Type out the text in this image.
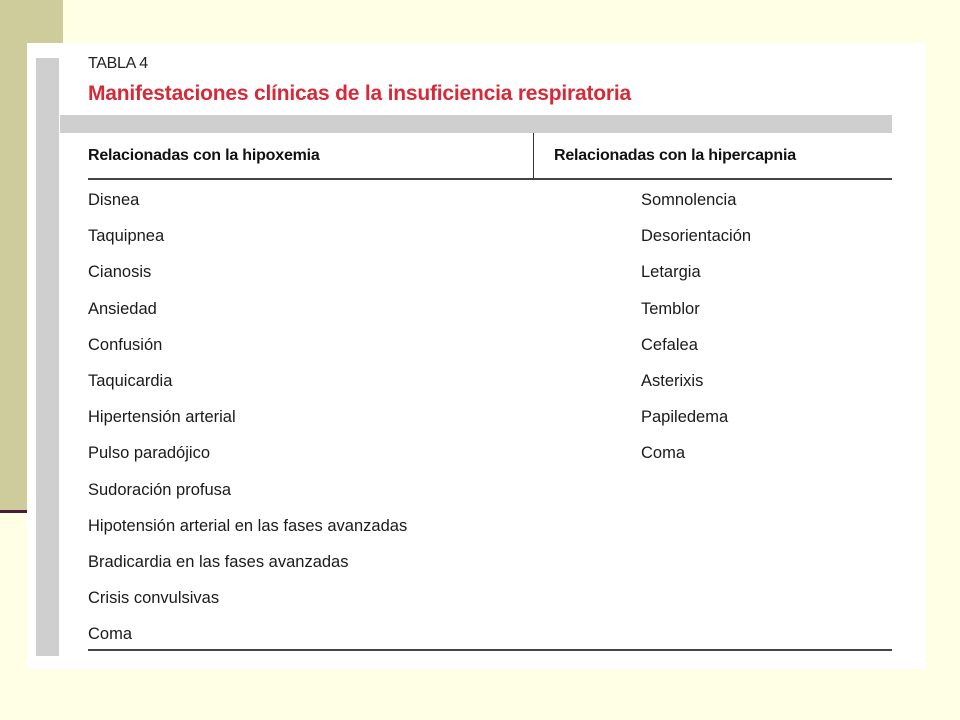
TABLA 4
Manifestaciones clínicas de la insuficiencia respiratoria
Relacionadas con la hipoxemia	Relacionadas con la hipercapnia
Disnea
Taquipnea
Cianosis
Ansiedad
Confusión
Taquicardia
Hipertensión arterial
Pulso paradójico
Sudoración profusa
Hipotensión arterial en las fases avanzadas
Bradicardia en las fases avanzadas
Crisis convulsivas
Coma
Somnolencia
Desorientación
Letargia
Temblor
Cefalea
Asterixis
Papiledema
Coma
